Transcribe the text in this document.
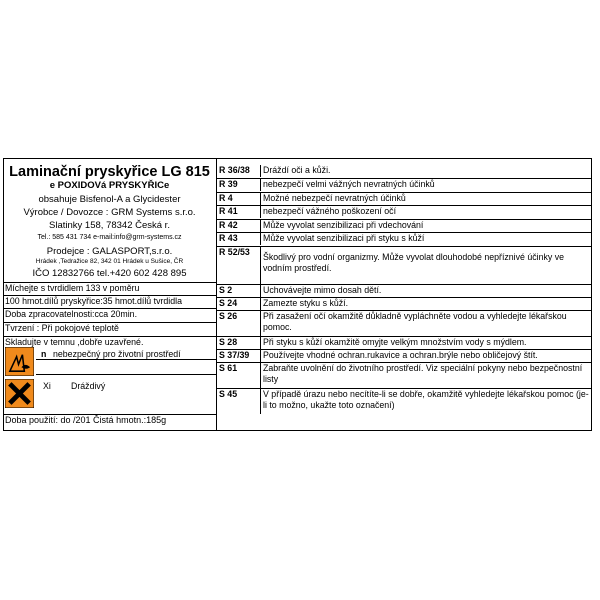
Laminační pryskyřice LG 815
e POXIDOVá PRYSKYŘICe
obsahuje Bisfenol-A a Glycidester
Výrobce / Dovozce : GRM Systems s.r.o.
Slatinky 158, 78342 Česká r.
Tel.: 585 431 734 e-mail:info@grm-systems.cz
Prodejce : GALASPORT,s.r.o.
Hrádek ,Tedražice 82, 342 01 Hrádek u Sušice, ČR
IČO 12832766 tel.+420 602 428 895
Míchejte s tvrdidlem 133 v poměru
100 hmot.dílů pryskyřice:35 hmot.dílů tvrdidla
Doba zpracovatelnosti:cca 20min.
Tvrzení : Při pokojové teplotě
Skladujte v temnu ,dobře uzavřené.
n nebezpečný pro životní prostředí
Xi Dráždivý
Doba použití: do /201 Čistá hmotn.:185g
R 36/38	Dráždí oči a kůži.
R 39	nebezpečí velmi vážných nevratných účinků
R 4	Možné nebezpečí nevratných účinků
R 41	nebezpečí vážného poškození očí
R 42	Může vyvolat senzibilizaci při vdechování
R 43	Může vyvolat senzibilizaci při styku s kůží
R 52/53	Škodlivý pro vodní organizmy. Může vyvolat dlouhodobé nepříznivé účinky ve vodním prostředí.
S 2	Uchovávejte mimo dosah dětí.
S 24	Zamezte styku s kůží.
S 26	Při zasažení očí okamžitě důkladně vypláchněte vodou a vyhledejte lékařskou pomoc.
S 28	Při styku s kůží okamžitě omyjte velkým množstvím vody s mýdlem.
S 37/39	Používejte vhodné ochran.rukavice a ochran.brýle nebo obličejový štít.
S 61	Zabraňte uvolnění do životního prostředí. Viz speciální pokyny nebo bezpečnostní listy
S 45	V případě úrazu nebo necítíte-li se dobře, okamžitě vyhledejte lékařskou pomoc (je-li to možno, ukažte toto označení)
